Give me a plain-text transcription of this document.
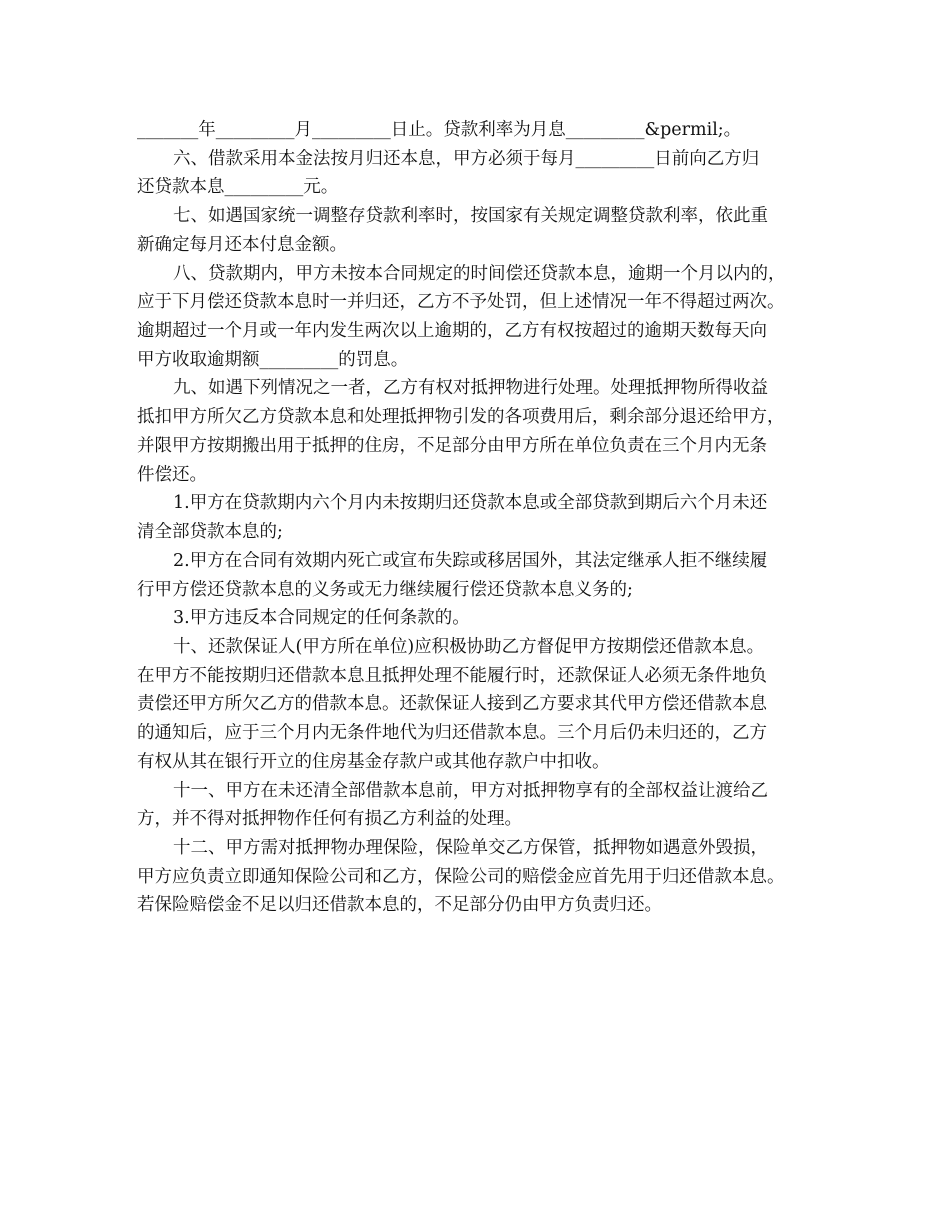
_______年_________月_________日止。贷款利率为月息_________&permil;。
六、借款采用本金法按月归还本息，甲方必须于每月_________日前向乙方归
还贷款本息_________元。
七、如遇国家统一调整存贷款利率时，按国家有关规定调整贷款利率，依此重
新确定每月还本付息金额。
八、贷款期内，甲方未按本合同规定的时间偿还贷款本息，逾期一个月以内的，
应于下月偿还贷款本息时一并归还，乙方不予处罚，但上述情况一年不得超过两次。
逾期超过一个月或一年内发生两次以上逾期的，乙方有权按超过的逾期天数每天向
甲方收取逾期额_________的罚息。
九、如遇下列情况之一者，乙方有权对抵押物进行处理。处理抵押物所得收益
抵扣甲方所欠乙方贷款本息和处理抵押物引发的各项费用后，剩余部分退还给甲方，
并限甲方按期搬出用于抵押的住房，不足部分由甲方所在单位负责在三个月内无条
件偿还。
1.甲方在贷款期内六个月内未按期归还贷款本息或全部贷款到期后六个月未还
清全部贷款本息的;
2.甲方在合同有效期内死亡或宣布失踪或移居国外，其法定继承人拒不继续履
行甲方偿还贷款本息的义务或无力继续履行偿还贷款本息义务的;
3.甲方违反本合同规定的任何条款的。
十、还款保证人(甲方所在单位)应积极协助乙方督促甲方按期偿还借款本息。
在甲方不能按期归还借款本息且抵押处理不能履行时，还款保证人必须无条件地负
责偿还甲方所欠乙方的借款本息。还款保证人接到乙方要求其代甲方偿还借款本息
的通知后，应于三个月内无条件地代为归还借款本息。三个月后仍未归还的，乙方
有权从其在银行开立的住房基金存款户或其他存款户中扣收。
十一、甲方在未还清全部借款本息前，甲方对抵押物享有的全部权益让渡给乙
方，并不得对抵押物作任何有损乙方利益的处理。
十二、甲方需对抵押物办理保险，保险单交乙方保管，抵押物如遇意外毁损，
甲方应负责立即通知保险公司和乙方，保险公司的赔偿金应首先用于归还借款本息。
若保险赔偿金不足以归还借款本息的，不足部分仍由甲方负责归还。
